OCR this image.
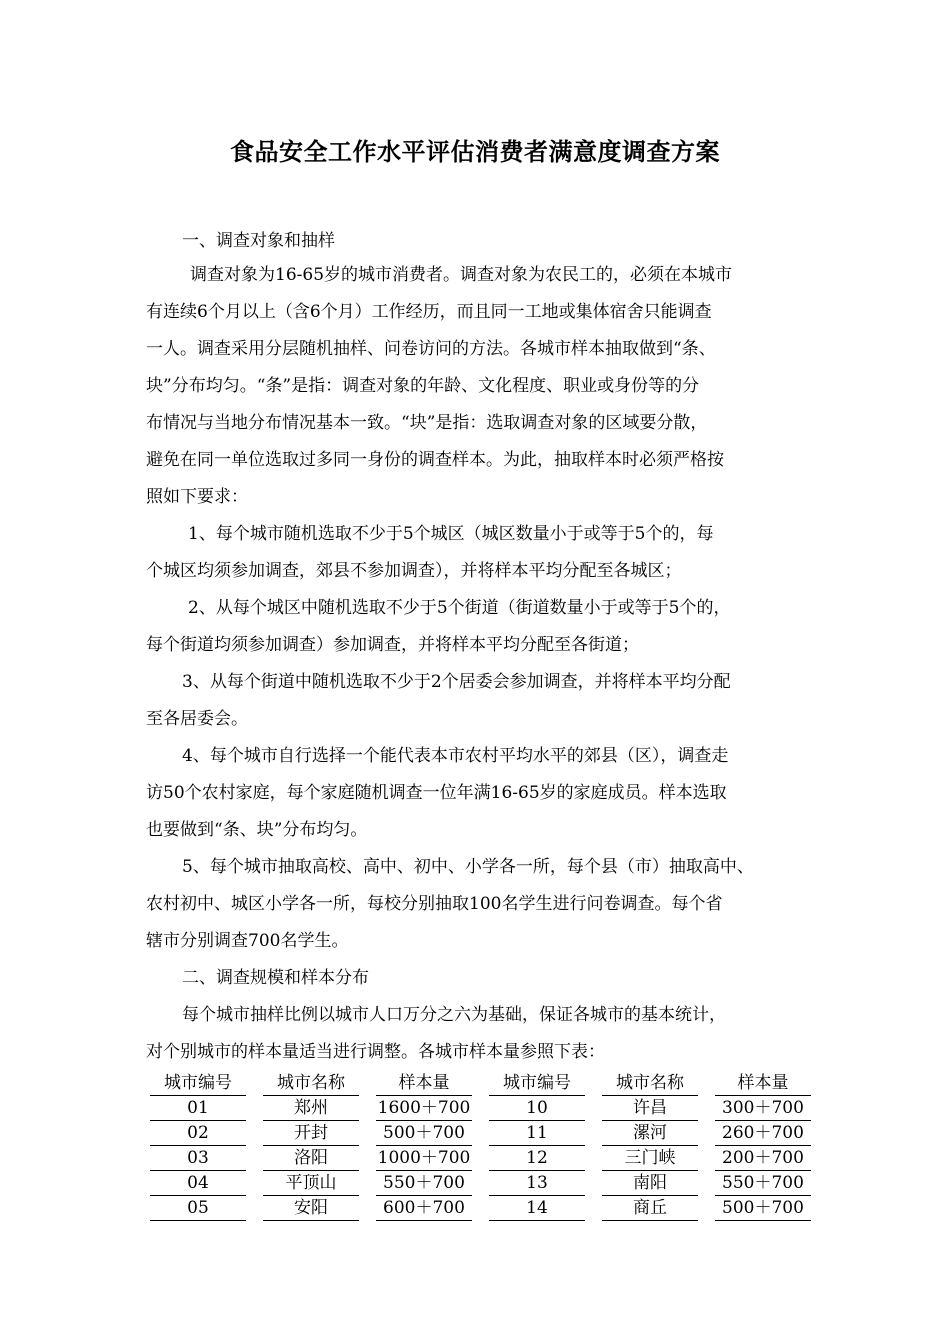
食品安全工作水平评估消费者满意度调查方案
一、调查对象和抽样
调查对象为16-65岁的城市消费者。调查对象为农民工的，必须在本城市
有连续6个月以上（含6个月）工作经历，而且同一工地或集体宿舍只能调查
一人。调查采用分层随机抽样、问卷访问的方法。各城市样本抽取做到“条、
块”分布均匀。“条”是指：调查对象的年龄、文化程度、职业或身份等的分
布情况与当地分布情况基本一致。“块”是指：选取调查对象的区域要分散，
避免在同一单位选取过多同一身份的调查样本。为此，抽取样本时必须严格按
照如下要求：
1、每个城市随机选取不少于5个城区（城区数量小于或等于5个的，每
个城区均须参加调查，郊县不参加调查），并将样本平均分配至各城区；
2、从每个城区中随机选取不少于5个街道（街道数量小于或等于5个的，
每个街道均须参加调查）参加调查，并将样本平均分配至各街道；
3、从每个街道中随机选取不少于2个居委会参加调查，并将样本平均分配
至各居委会。
4、每个城市自行选择一个能代表本市农村平均水平的郊县（区），调查走
访50个农村家庭，每个家庭随机调查一位年满16-65岁的家庭成员。样本选取
也要做到“条、块”分布均匀。
5、每个城市抽取高校、高中、初中、小学各一所，每个县（市）抽取高中、
农村初中、城区小学各一所，每校分别抽取100名学生进行问卷调查。每个省
辖市分别调查700名学生。
二、调查规模和样本分布
每个城市抽样比例以城市人口万分之六为基础，保证各城市的基本统计，
对个别城市的样本量适当进行调整。各城市样本量参照下表：
城市编号		城市名称		样本量		城市编号		城市名称		样本量
01		郑州		1600＋700		10		许昌		300＋700
02		开封		500＋700		11		漯河		260＋700
03		洛阳		1000＋700		12		三门峡		200＋700
04		平顶山		550＋700		13		南阳		550＋700
05		安阳		600＋700		14		商丘		500＋700
